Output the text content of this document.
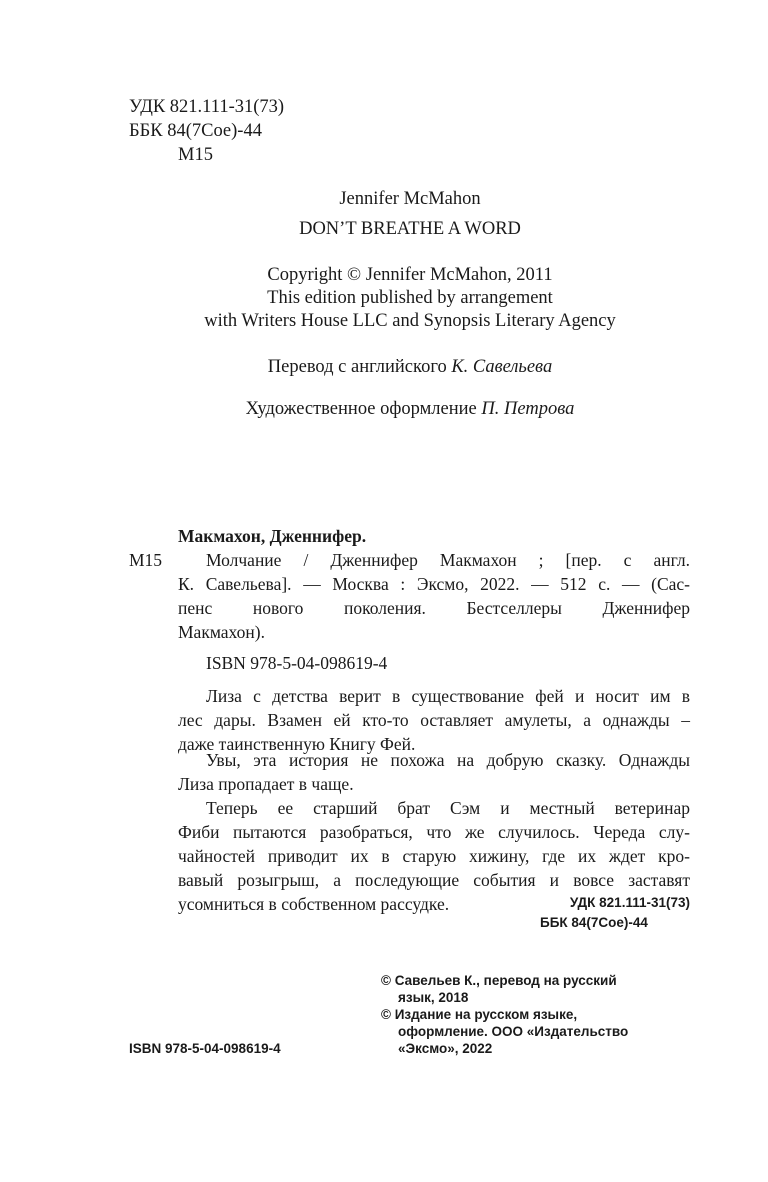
УДК 821.111-31(73)
ББК 84(7Сое)-44
М15
Jennifer McMahon
DON’T BREATHE A WORD
Copyright © Jennifer McMahon, 2011
This edition published by arrangement
with Writers House LLC and Synopsis Literary Agency
Перевод с английского К. Савельева
Художественное оформление П. Петрова
Макмахон, Дженнифер.
М15	Молчание / Дженнифер Макмахон ; [пер. с англ.
К. Савельева]. — Москва : Эксмо, 2022. — 512 с. — (Сас-
пенс нового поколения. Бестселлеры Дженнифер
Макмахон).
ISBN 978-5-04-098619-4
Лиза с детства верит в существование фей и носит им в
лес дары. Взамен ей кто-то оставляет амулеты, а однажды –
даже таинственную Книгу Фей.
Увы, эта история не похожа на добрую сказку. Однажды
Лиза пропадает в чаще.
Теперь ее старший брат Сэм и местный ветеринар
Фиби пытаются разобраться, что же случилось. Череда слу-
чайностей приводит их в старую хижину, где их ждет кро-
вавый розыгрыш, а последующие события и вовсе заставят
усомниться в собственном рассудке.	УДК 821.111-31(73)
ББК 84(7Сое)-44
ISBN 978-5-04-098619-4
© Савельев К., перевод на русский
язык, 2018
© Издание на русском языке,
оформление. ООО «Издательство
«Эксмо», 2022
